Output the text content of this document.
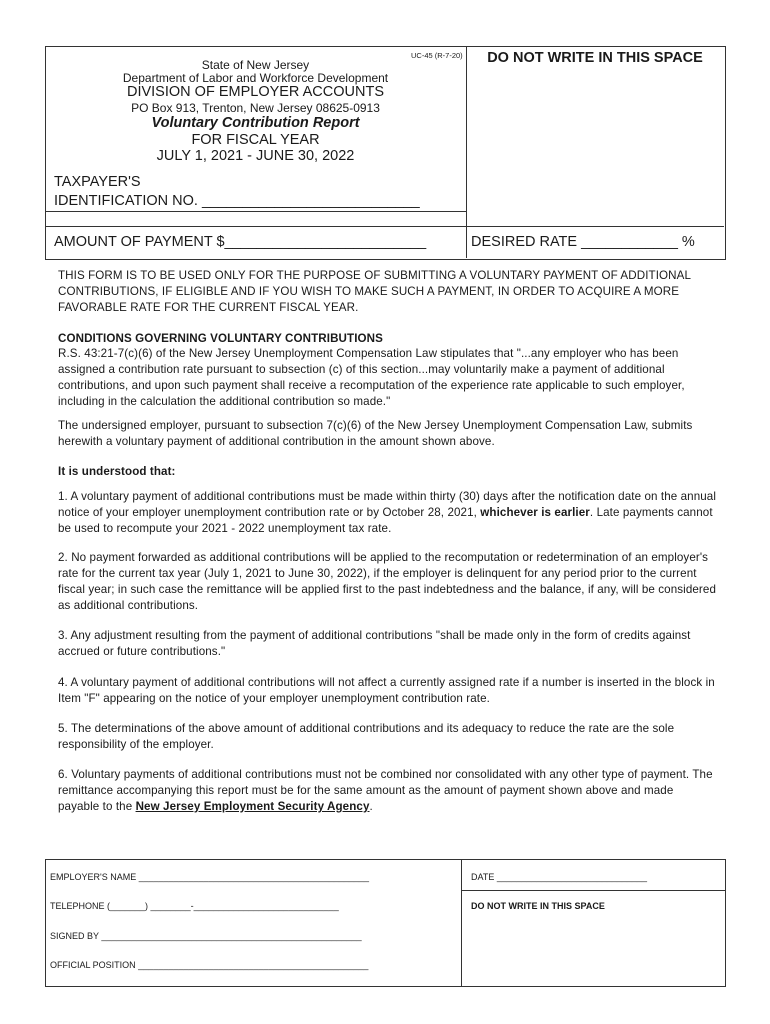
UC-45 (R-7-20)	DO NOT WRITE IN THIS SPACE
State of New Jersey
Department of Labor and Workforce Development
DIVISION OF EMPLOYER ACCOUNTS
PO Box 913, Trenton, New Jersey 08625-0913
Voluntary Contribution Report
FOR FISCAL YEAR
JULY 1, 2021 - JUNE 30, 2022
TAXPAYER'S
IDENTIFICATION NO. ___________________________
AMOUNT OF PAYMENT $_________________________	DESIRED RATE ____________ %
THIS FORM IS TO BE USED ONLY FOR THE PURPOSE OF SUBMITTING A VOLUNTARY PAYMENT OF ADDITIONAL CONTRIBUTIONS, IF ELIGIBLE AND IF YOU WISH TO MAKE SUCH A PAYMENT, IN ORDER TO ACQUIRE A MORE FAVORABLE RATE FOR THE CURRENT FISCAL YEAR.
CONDITIONS GOVERNING VOLUNTARY CONTRIBUTIONS
R.S. 43:21-7(c)(6) of the New Jersey Unemployment Compensation Law stipulates that "...any employer who has been assigned a contribution rate pursuant to subsection (c) of this section...may voluntarily make a payment of additional contributions, and upon such payment shall receive a recomputation of the experience rate applicable to such employer, including in the calculation the additional contribution so made."
The undersigned employer, pursuant to subsection 7(c)(6) of the New Jersey Unemployment Compensation Law, submits herewith a voluntary payment of additional contribution in the amount shown above.
It is understood that:
1. A voluntary payment of additional contributions must be made within thirty (30) days after the notification date on the annual notice of your employer unemployment contribution rate or by October 28, 2021, whichever is earlier. Late payments cannot be used to recompute your 2021 - 2022 unemployment tax rate.
2. No payment forwarded as additional contributions will be applied to the recomputation or redetermination of an employer's rate for the current tax year (July 1, 2021 to June 30, 2022), if the employer is delinquent for any period prior to the current fiscal year; in such case the remittance will be applied first to the past indebtedness and the balance, if any, will be considered as additional contributions.
3. Any adjustment resulting from the payment of additional contributions "shall be made only in the form of credits against accrued or future contributions."
4. A voluntary payment of additional contributions will not affect a currently assigned rate if a number is inserted in the block in Item "F" appearing on the notice of your employer unemployment contribution rate.
5. The determinations of the above amount of additional contributions and its adequacy to reduce the rate are the sole responsibility of the employer.
6. Voluntary payments of additional contributions must not be combined nor consolidated with any other type of payment. The remittance accompanying this report must be for the same amount as the amount of payment shown above and made payable to the New Jersey Employment Security Agency.
EMPLOYER'S NAME ______________________________________________
TELEPHONE (_______) ________-_____________________________
SIGNED BY ____________________________________________________
OFFICIAL POSITION ______________________________________________
DATE ______________________________
DO NOT WRITE IN THIS SPACE
